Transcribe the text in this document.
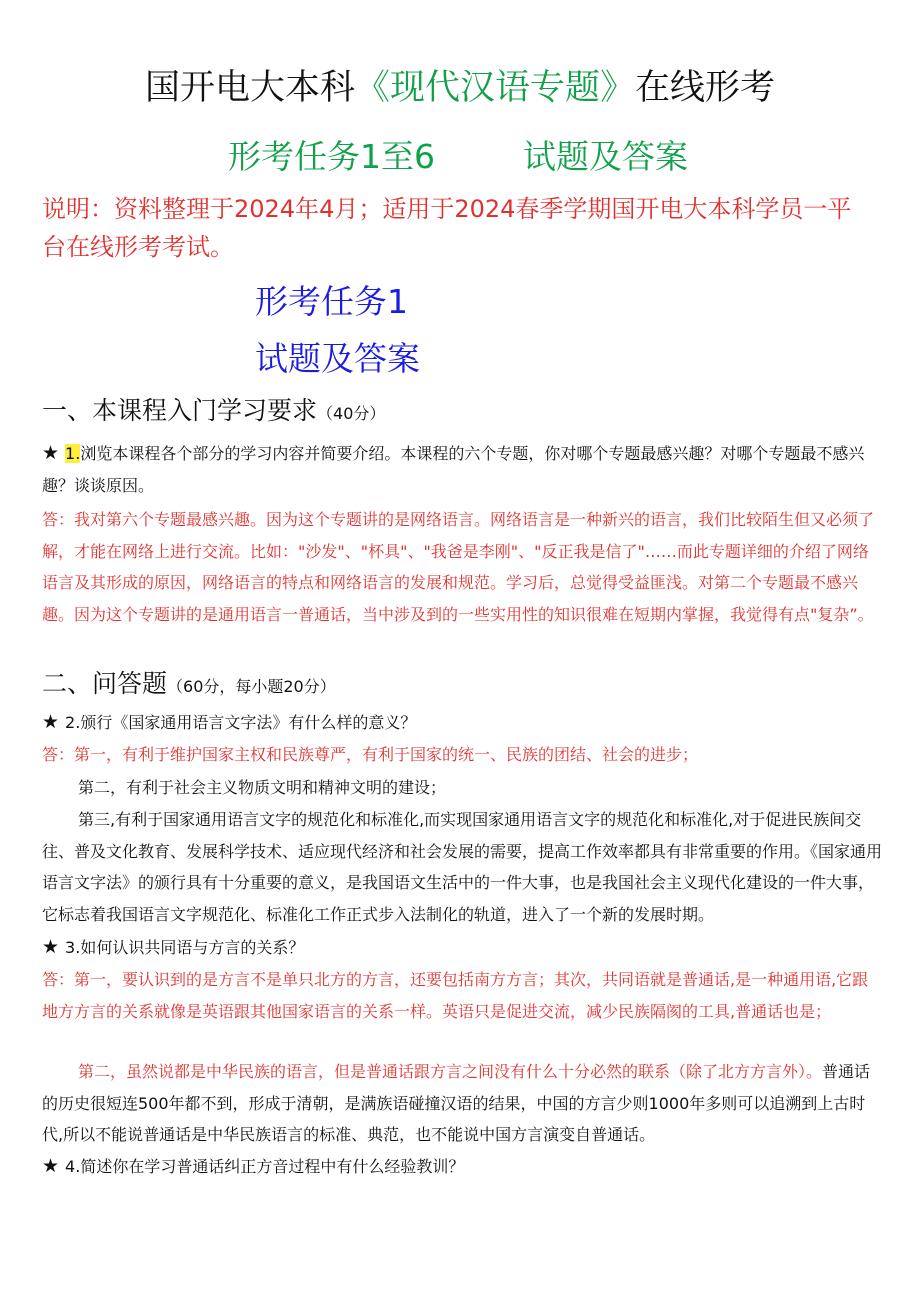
国开电大本科《现代汉语专题》在线形考
形考任务1至6	试题及答案
说明：资料整理于2024年4月；适用于2024春季学期国开电大本科学员一平
台在线形考考试。
形考任务1
试题及答案
一、本课程入门学习要求（40分）
★ 1.浏览本课程各个部分的学习内容并简要介绍。本课程的六个专题，你对哪个专题最感兴趣？对哪个专题最不感兴趣？谈谈原因。
答：我对第六个专题最感兴趣。因为这个专题讲的是网络语言。网络语言是一种新兴的语言，我们比较陌生但又必须了解，才能在网络上进行交流。比如："沙发"、"杯具"、"我爸是李刚"、"反正我是信了"……而此专题详细的介绍了网络语言及其形成的原因，网络语言的特点和网络语言的发展和规范。学习后，总觉得受益匪浅。对第二个专题最不感兴趣。因为这个专题讲的是通用语言一普通话，当中涉及到的一些实用性的知识很难在短期内掌握，我觉得有点"复杂”。
二、问答题（60分，每小题20分）
★ 2.颁行《国家通用语言文字法》有什么样的意义？
答：第一，有利于维护国家主权和民族尊严，有利于国家的统一、民族的团结、社会的进步；
第二，有利于社会主义物质文明和精神文明的建设；
第三,有利于国家通用语言文字的规范化和标准化,而实现国家通用语言文字的规范化和标准化,对于促进民族间交往、普及文化教育、发展科学技术、适应现代经济和社会发展的需要，提高工作效率都具有非常重要的作用。《国家通用语言文字法》的颁行具有十分重要的意义，是我国语文生活中的一件大事，也是我国社会主义现代化建设的一件大事，它标志着我国语言文字规范化、标准化工作正式步入法制化的轨道，进入了一个新的发展时期。
★ 3.如何认识共同语与方言的关系？
答：第一，要认识到的是方言不是单只北方的方言，还要包括南方方言；其次，共同语就是普通话,是一种通用语,它跟地方方言的关系就像是英语跟其他国家语言的关系一样。英语只是促进交流，减少民族隔阂的工具,普通话也是；
第二，虽然说都是中华民族的语言，但是普通话跟方言之间没有什么十分必然的联系（除了北方方言外）。普通话的历史很短连500年都不到，形成于清朝，是满族语碰撞汉语的结果，中国的方言少则1000年多则可以追溯到上古时代,所以不能说普通话是中华民族语言的标准、典范，也不能说中国方言演变自普通话。
★ 4.简述你在学习普通话纠正方音过程中有什么经验教训？
